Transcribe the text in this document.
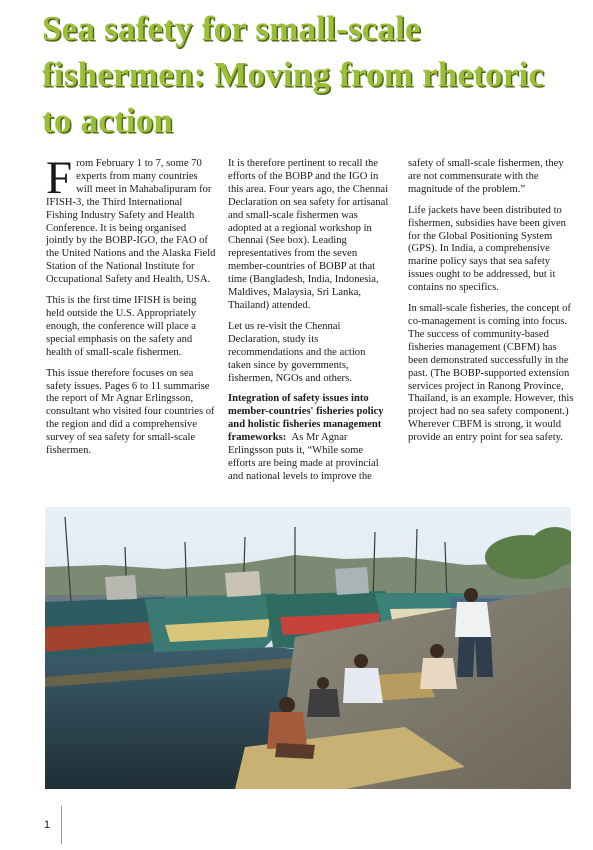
Sea safety for small-scale fishermen: Moving from rhetoric to action

From February 1 to 7, some 70 experts from many countries will meet in Mahabalipuram for IFISH-3, the Third International Fishing Industry Safety and Health Conference. It is being organised jointly by the BOBP-IGO, the FAO of the United Nations and the Alaska Field Station of the National Institute for Occupational Safety and Health, USA.

This is the first time IFISH is being held outside the U.S. Appropriately enough, the conference will place a special emphasis on the safety and health of small-scale fishermen.

This issue therefore focuses on sea safety issues. Pages 6 to 11 summarise the report of Mr Agnar Erlingsson, consultant who visited four countries of the region and did a comprehensive survey of sea safety for small-scale fishermen.

It is therefore pertinent to recall the efforts of the BOBP and the IGO in this area. Four years ago, the Chennai Declaration on sea safety for artisanal and small-scale fishermen was adopted at a regional workshop in Chennai (See box). Leading representatives from the seven member-countries of BOBP at that time (Bangladesh, India, Indonesia, Maldives, Malaysia, Sri Lanka, Thailand) attended.

Let us re-visit the Chennai Declaration, study its recommendations and the action taken since by governments, fishermen, NGOs and others.

Integration of safety issues into member-countries' fisheries policy and holistic fisheries management frameworks: As Mr Agnar Erlingsson puts it, “While some efforts are being made at provincial and national levels to improve the

safety of small-scale fishermen, they are not commensurate with the magnitude of the problem.”

Life jackets have been distributed to fishermen, subsidies have been given for the Global Positioning System (GPS). In India, a comprehensive marine policy says that sea safety issues ought to be addressed, but it contains no specifics.

In small-scale fisheries, the concept of co-management is coming into focus. The success of community-based fisheries management (CBFM) has been demonstrated successfully in the past. (The BOBP-supported extension services project in Ranong Province, Thailand, is an example. However, this project had no sea safety component.) Wherever CBFM is strong, it would provide an entry point for sea safety.

1
